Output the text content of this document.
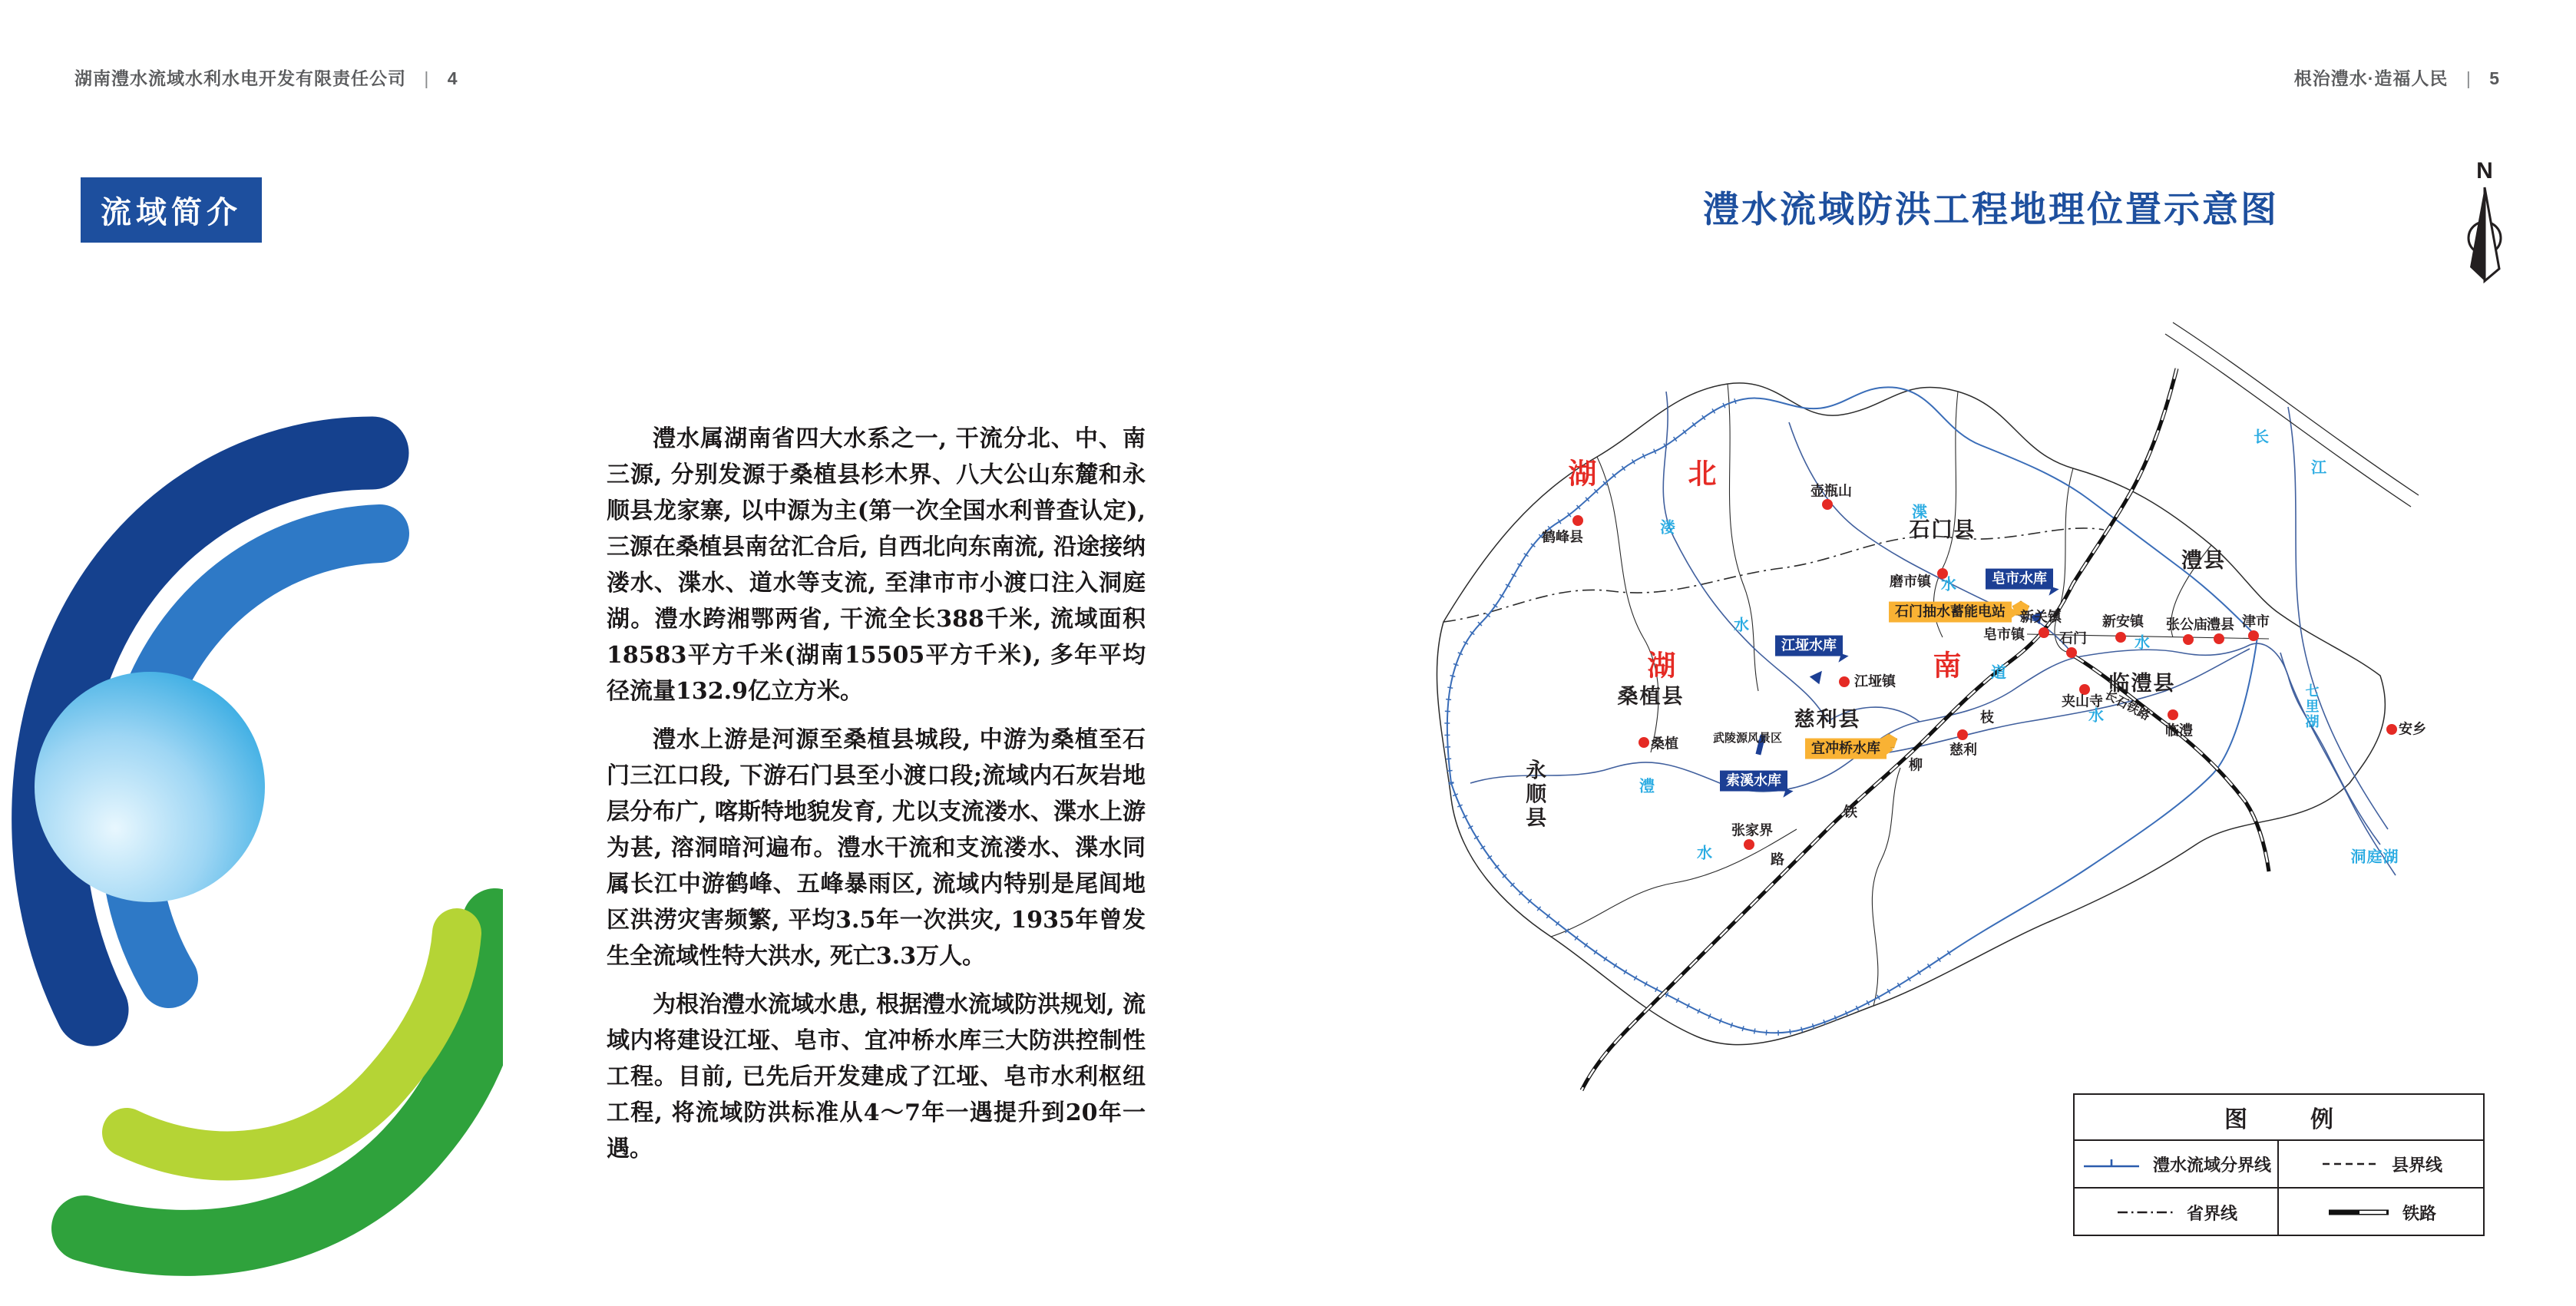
湖南澧水流域水利水电开发有限责任公司 | 4	根治澧水·造福人民 | 5
流域简介

澧水属湖南省四大水系之一, 干流分北、中、南三源, 分别发源于桑植县杉木界、八大公山东麓和永顺县龙家寨, 以中源为主(第一次全国水利普查认定), 三源在桑植县南岔汇合后, 自西北向东南流, 沿途接纳溇水、渫水、道水等支流, 至津市市小渡口注入洞庭湖。澧水跨湘鄂两省, 干流全长388千米, 流域面积18583平方千米(湖南15505平方千米), 多年平均径流量132.9亿立方米。

澧水上游是河源至桑植县城段, 中游为桑植至石门三江口段, 下游石门县至小渡口段;流域内石灰岩地层分布广, 喀斯特地貌发育, 尤以支流溇水、渫水上游为甚, 溶洞暗河遍布。澧水干流和支流溇水、渫水同属长江中游鹤峰、五峰暴雨区, 流域内特别是尾闾地区洪涝灾害频繁, 平均3.5年一次洪灾, 1935年曾发生全流域性特大洪水, 死亡3.3万人。

为根治澧水流域水患, 根据澧水流域防洪规划, 流域内将建设江垭、皂市、宜冲桥水库三大防洪控制性工程。目前, 已先后开发建成了江垭、皂市水利枢纽工程, 将流域防洪标准从4～7年一遇提升到20年一遇。

澧水流域防洪工程地理位置示意图
N
湖	北
湖	南
石门县
澧县
桑植县
慈利县
临澧县
永顺县
鹤峰县
壶瓶山
磨市镇
皂市镇
新关镇
石门
新安镇 张公庙 澧县 津市
临澧
夹山寺
慈利
江垭镇
张家界
桑植
安乡
武陵源风景区
溇
水
渫
水
澧
水
道
水
水
长
江
七里湖
洞庭湖
枝
柳
铁
路
长石铁路
皂市水库
江垭水库
索溪水库
宜冲桥水库
石门抽水蓄能电站
图　例
澧水流域分界线	县界线
省界线	铁路
